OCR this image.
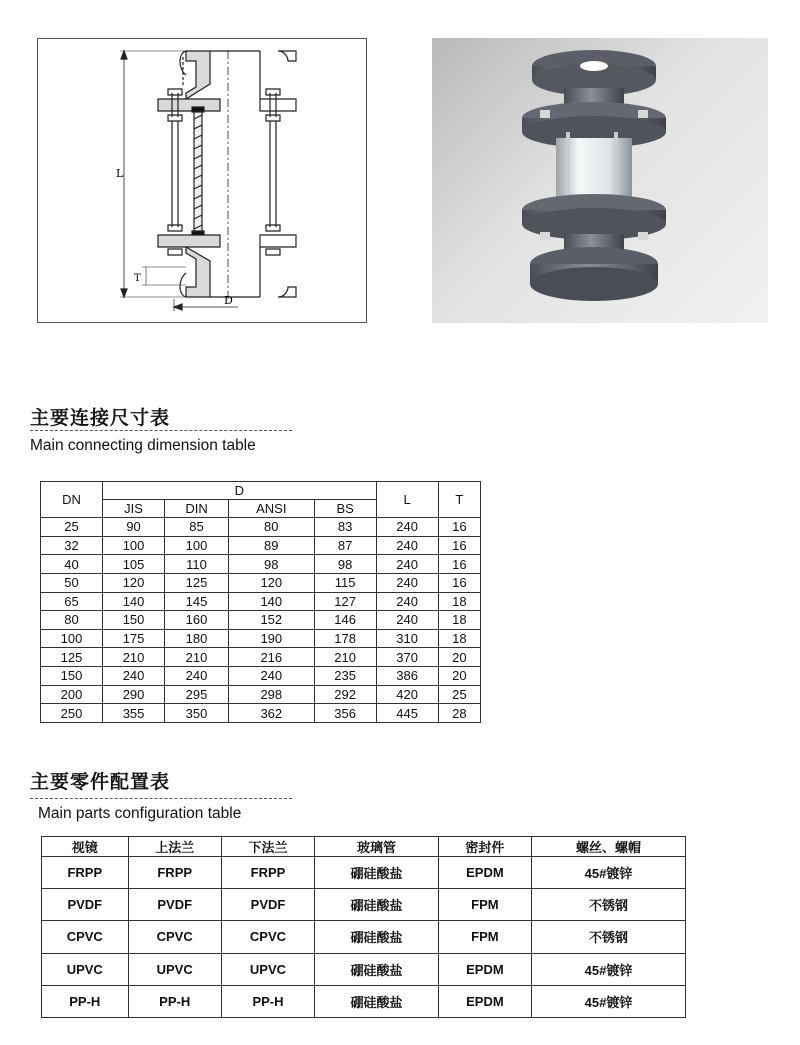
L
T
D
主要连接尺寸表
Main connecting dimension table
DN	D				L	T
	JIS	DIN	ANSI	BS		
25	90	85	80	83	240	16
32	100	100	89	87	240	16
40	105	110	98	98	240	16
50	120	125	120	115	240	16
65	140	145	140	127	240	18
80	150	160	152	146	240	18
100	175	180	190	178	310	18
125	210	210	216	210	370	20
150	240	240	240	235	386	20
200	290	295	298	292	420	25
250	355	350	362	356	445	28
主要零件配置表
Main parts configuration table
视镜	上法兰	下法兰	玻璃管	密封件	螺丝、螺帽
FRPP	FRPP	FRPP	硼硅酸盐	EPDM	45#镀锌
PVDF	PVDF	PVDF	硼硅酸盐	FPM	不锈钢
CPVC	CPVC	CPVC	硼硅酸盐	FPM	不锈钢
UPVC	UPVC	UPVC	硼硅酸盐	EPDM	45#镀锌
PP-H	PP-H	PP-H	硼硅酸盐	EPDM	45#镀锌
